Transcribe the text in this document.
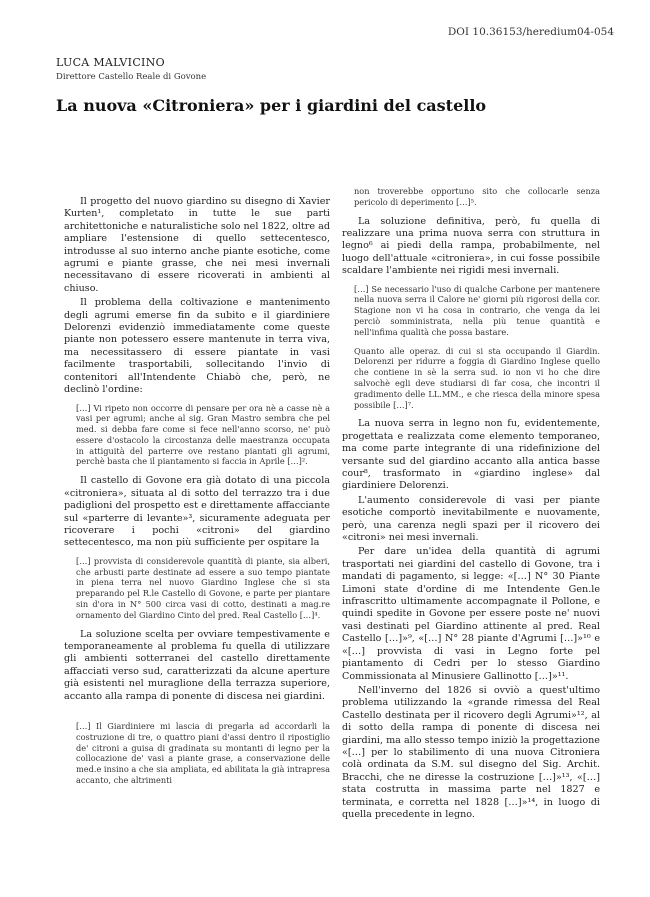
DOI 10.36153/heredium04-054
LUCA MALVICINO
Direttore Castello Reale di Govone
La nuova «Citroniera» per i giardini del castello

Il progetto del nuovo giardino su disegno di Xavier Kurten¹, completato in tutte le sue parti architettoniche e naturalistiche solo nel 1822, oltre ad ampliare l'estensione di quello settecentesco, introdusse al suo interno anche piante esotiche, come agrumi e piante grasse, che nei mesi invernali necessitavano di essere ricoverati in ambienti al chiuso.

Il problema della coltivazione e mantenimento degli agrumi emerse fin da subito e il giardiniere Delorenzi evidenziò immediatamente come queste piante non potessero essere mantenute in terra viva, ma necessitassero di essere piantate in vasi facilmente trasportabili, sollecitando l'invio di contenitori all'Intendente Chiabò che, però, ne declinò l'ordine:

[…] Vi ripeto non occorre di pensare per ora nè a casse nè a vasi per agrumi; anche al sig. Gran Mastro sembra che pel med. si debba fare come si fece nell'anno scorso, ne' può essere d'ostacolo la circostanza delle maestranza occupata in attiguità del parterre ove restano piantati gli agrumi, perchè basta che il piantamento si faccia in Aprile […]².

Il castello di Govone era già dotato di una piccola «citroniera», situata al di sotto del terrazzo tra i due padiglioni del prospetto est e direttamente affacciante sul «parterre di levante»³, sicuramente adeguata per ricoverare i pochi «citroni» del giardino settecentesco, ma non più sufficiente per ospitare la

[…] provvista di considerevole quantità di piante, sia alberi, che arbusti parte destinate ad essere a suo tempo piantate in piena terra nel nuovo Giardino Inglese che si sta preparando pel R.le Castello di Govone, e parte per piantare sin d'ora in N° 500 circa vasi di cotto, destinati a mag.re ornamento del Giardino Cinto del pred. Real Castello […]⁴.

La soluzione scelta per ovviare tempestivamente e temporaneamente al problema fu quella di utilizzare gli ambienti sotterranei del castello direttamente affacciati verso sud, caratterizzati da alcune aperture già esistenti nel muraglione della terrazza superiore, accanto alla rampa di ponente di discesa nei giardini.

[…] Il Giardiniere mi lascia di pregarla ad accordarli la costruzione di tre, o quattro piani d'assi dentro il ripostiglio de' citroni a guisa di gradinata su montanti di legno per la collocazione de' vasi a piante grase, a conservazione delle med.e insino a che sia ampliata, ed abilitata la già intrapresa accanto, che altrimenti

non troverebbe opportuno sito che collocarle senza pericolo di deperimento […]⁵.

La soluzione definitiva, però, fu quella di realizzare una prima nuova serra con struttura in legno⁶ ai piedi della rampa, probabilmente, nel luogo dell'attuale «citroniera», in cui fosse possibile scaldare l'ambiente nei rigidi mesi invernali.

[…] Se necessario l'uso di qualche Carbone per mantenere nella nuova serra il Calore ne' giorni più rigorosi della cor. Stagione non vi ha cosa in contrario, che venga da lei perciò somministrata, nella più tenue quantità e nell'infima qualità che possa bastare.

Quanto alle operaz. di cui si sta occupando il Giardin. Delorenzi per ridurre a foggia di Giardino Inglese quello che contiene in sè la serra sud. io non vi ho che dire salvochè egli deve studiarsi di far cosa, che incontri il gradimento delle LL.MM., e che riesca della minore spesa possibile […]⁷.

La nuova serra in legno non fu, evidentemente, progettata e realizzata come elemento temporaneo, ma come parte integrante di una ridefinizione del versante sud del giardino accanto alla antica basse cour⁸, trasformato in «giardino inglese» dal giardiniere Delorenzi.

L'aumento considerevole di vasi per piante esotiche comportò inevitabilmente e nuovamente, però, una carenza negli spazi per il ricovero dei «citroni» nei mesi invernali.

Per dare un'idea della quantità di agrumi trasportati nei giardini del castello di Govone, tra i mandati di pagamento, si legge: «[…] N° 30 Piante Limoni state d'ordine di me Intendente Gen.le infrascritto ultimamente accompagnate il Pollone, e quindi spedite in Govone per essere poste ne' nuovi vasi destinati pel Giardino attinente al pred. Real Castello […]»⁹, «[…] N° 28 piante d'Agrumi […]»¹⁰ e «[…] provvista di vasi in Legno forte pel piantamento di Cedri per lo stesso Giardino Commissionata al Minusiere Gallinotto […]»¹¹.

Nell'inverno del 1826 si ovviò a quest'ultimo problema utilizzando la «grande rimessa del Real Castello destinata per il ricovero degli Agrumi»¹², al di sotto della rampa di ponente di discesa nei giardini, ma allo stesso tempo iniziò la progettazione «[…] per lo stabilimento di una nuova Citroniera colà ordinata da S.M. sul disegno del Sig. Archit. Bracchi, che ne diresse la costruzione […]»¹³, «[…] stata costrutta in massima parte nel 1827 e terminata, e corretta nel 1828 […]»¹⁴, in luogo di quella precedente in legno.
